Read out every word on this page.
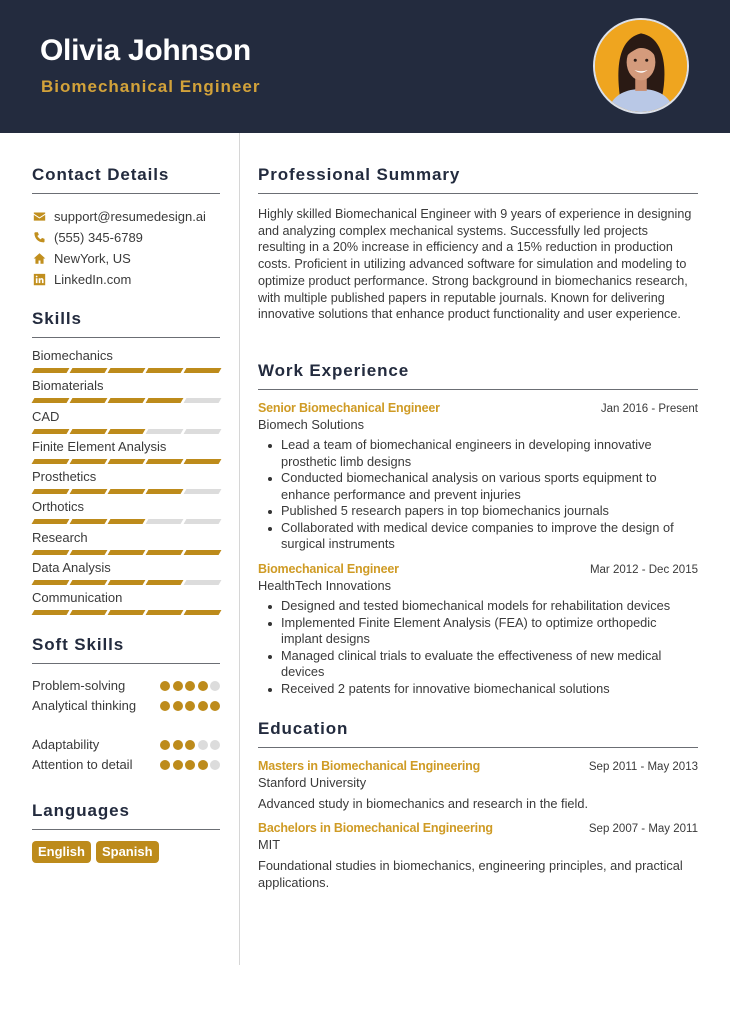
Olivia Johnson
Biomechanical Engineer
Contact Details
support@resumedesign.ai
(555) 345-6789
NewYork, US
LinkedIn.com
Skills
Biomechanics
Biomaterials
CAD
Finite Element Analysis
Prosthetics
Orthotics
Research
Data Analysis
Communication
Soft Skills
Problem-solving
Analytical thinking
Adaptability
Attention to detail
Languages
English	Spanish
Professional Summary

Highly skilled Biomechanical Engineer with 9 years of experience in designing and analyzing complex mechanical systems. Successfully led projects resulting in a 20% increase in efficiency and a 15% reduction in production costs. Proficient in utilizing advanced software for simulation and modeling to optimize product performance. Strong background in biomechanics research, with multiple published papers in reputable journals. Known for delivering innovative solutions that enhance product functionality and user experience.

Work Experience
Senior Biomechanical Engineer	Jan 2016 - Present
Biomech Solutions
Lead a team of biomechanical engineers in developing innovative prosthetic limb designs
Conducted biomechanical analysis on various sports equipment to enhance performance and prevent injuries
Published 5 research papers in top biomechanics journals
Collaborated with medical device companies to improve the design of surgical instruments
Biomechanical Engineer	Mar 2012 - Dec 2015
HealthTech Innovations
Designed and tested biomechanical models for rehabilitation devices
Implemented Finite Element Analysis (FEA) to optimize orthopedic implant designs
Managed clinical trials to evaluate the effectiveness of new medical devices
Received 2 patents for innovative biomechanical solutions
Education
Masters in Biomechanical Engineering	Sep 2011 - May 2013
Stanford University

Advanced study in biomechanics and research in the field.

Bachelors in Biomechanical Engineering	Sep 2007 - May 2011
MIT

Foundational studies in biomechanics, engineering principles, and practical applications.
